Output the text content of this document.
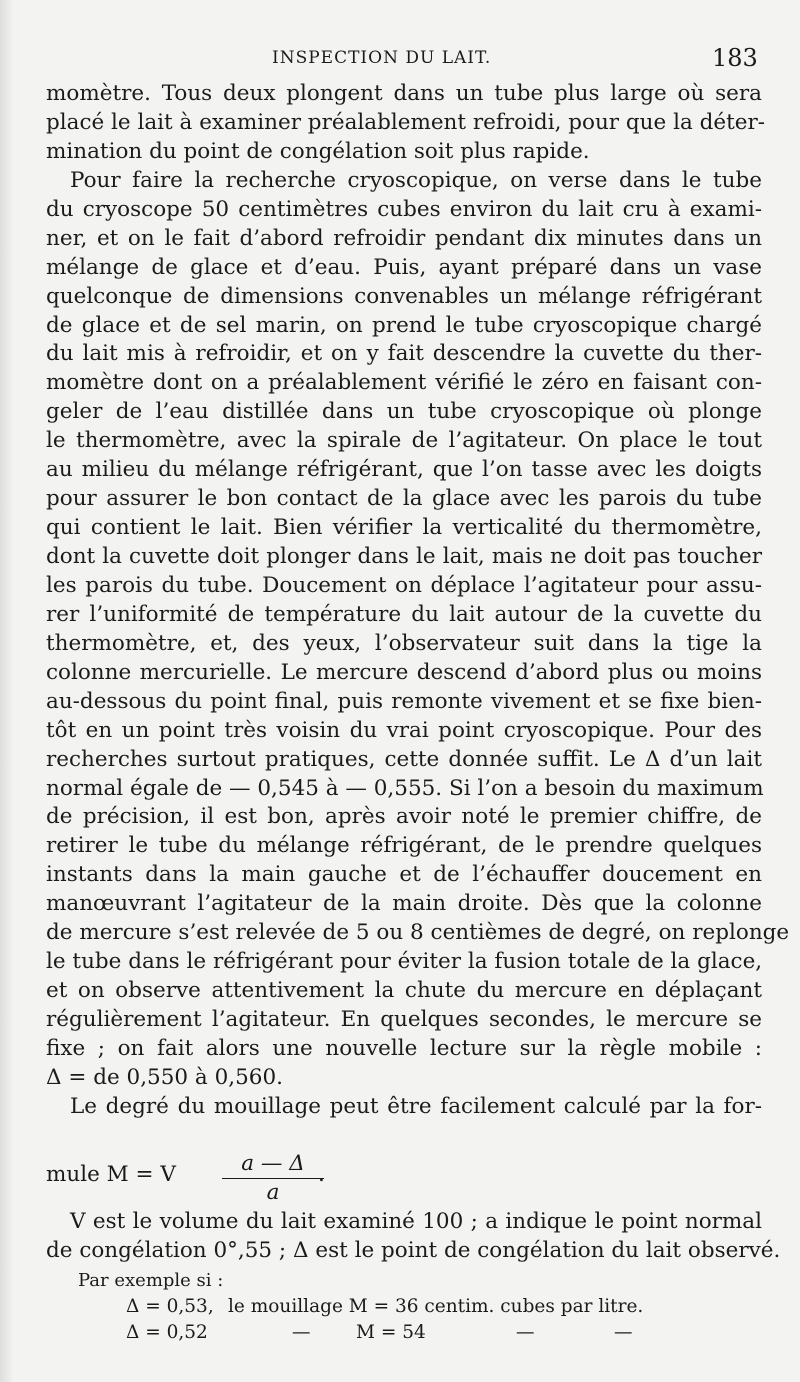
INSPECTION DU LAIT.	183
momètre. Tous deux plongent dans un tube plus large où sera
placé le lait à examiner préalablement refroidi, pour que la déter-
mination du point de congélation soit plus rapide.
Pour faire la recherche cryoscopique, on verse dans le tube
du cryoscope 50 centimètres cubes environ du lait cru à exami-
ner, et on le fait d’abord refroidir pendant dix minutes dans un
mélange de glace et d’eau. Puis, ayant préparé dans un vase
quelconque de dimensions convenables un mélange réfrigérant
de glace et de sel marin, on prend le tube cryoscopique chargé
du lait mis à refroidir, et on y fait descendre la cuvette du ther-
momètre dont on a préalablement vérifié le zéro en faisant con-
geler de l’eau distillée dans un tube cryoscopique où plonge
le thermomètre, avec la spirale de l’agitateur. On place le tout
au milieu du mélange réfrigérant, que l’on tasse avec les doigts
pour assurer le bon contact de la glace avec les parois du tube
qui contient le lait. Bien vérifier la verticalité du thermomètre,
dont la cuvette doit plonger dans le lait, mais ne doit pas toucher
les parois du tube. Doucement on déplace l’agitateur pour assu-
rer l’uniformité de température du lait autour de la cuvette du
thermomètre, et, des yeux, l’observateur suit dans la tige la
colonne mercurielle. Le mercure descend d’abord plus ou moins
au-dessous du point final, puis remonte vivement et se fixe bien-
tôt en un point très voisin du vrai point cryoscopique. Pour des
recherches surtout pratiques, cette donnée suffit. Le Δ d’un lait
normal égale de — 0,545 à — 0,555. Si l’on a besoin du maximum
de précision, il est bon, après avoir noté le premier chiffre, de
retirer le tube du mélange réfrigérant, de le prendre quelques
instants dans la main gauche et de l’échauffer doucement en
manœuvrant l’agitateur de la main droite. Dès que la colonne
de mercure s’est relevée de 5 ou 8 centièmes de degré, on replonge
le tube dans le réfrigérant pour éviter la fusion totale de la glace,
et on observe attentivement la chute du mercure en déplaçant
régulièrement l’agitateur. En quelques secondes, le mercure se
fixe ; on fait alors une nouvelle lecture sur la règle mobile :
Δ = de 0,550 à 0,560.
Le degré du mouillage peut être facilement calculé par la for-
mule M = V	a — Δ
a
.
V est le volume du lait examiné 100 ; a indique le point normal
de congélation 0°,55 ; Δ est le point de congélation du lait observé.
Par exemple si :
Δ = 0,53, le mouillage M = 36 centim. cubes par litre.
Δ = 0,52	— M = 54	—	—
